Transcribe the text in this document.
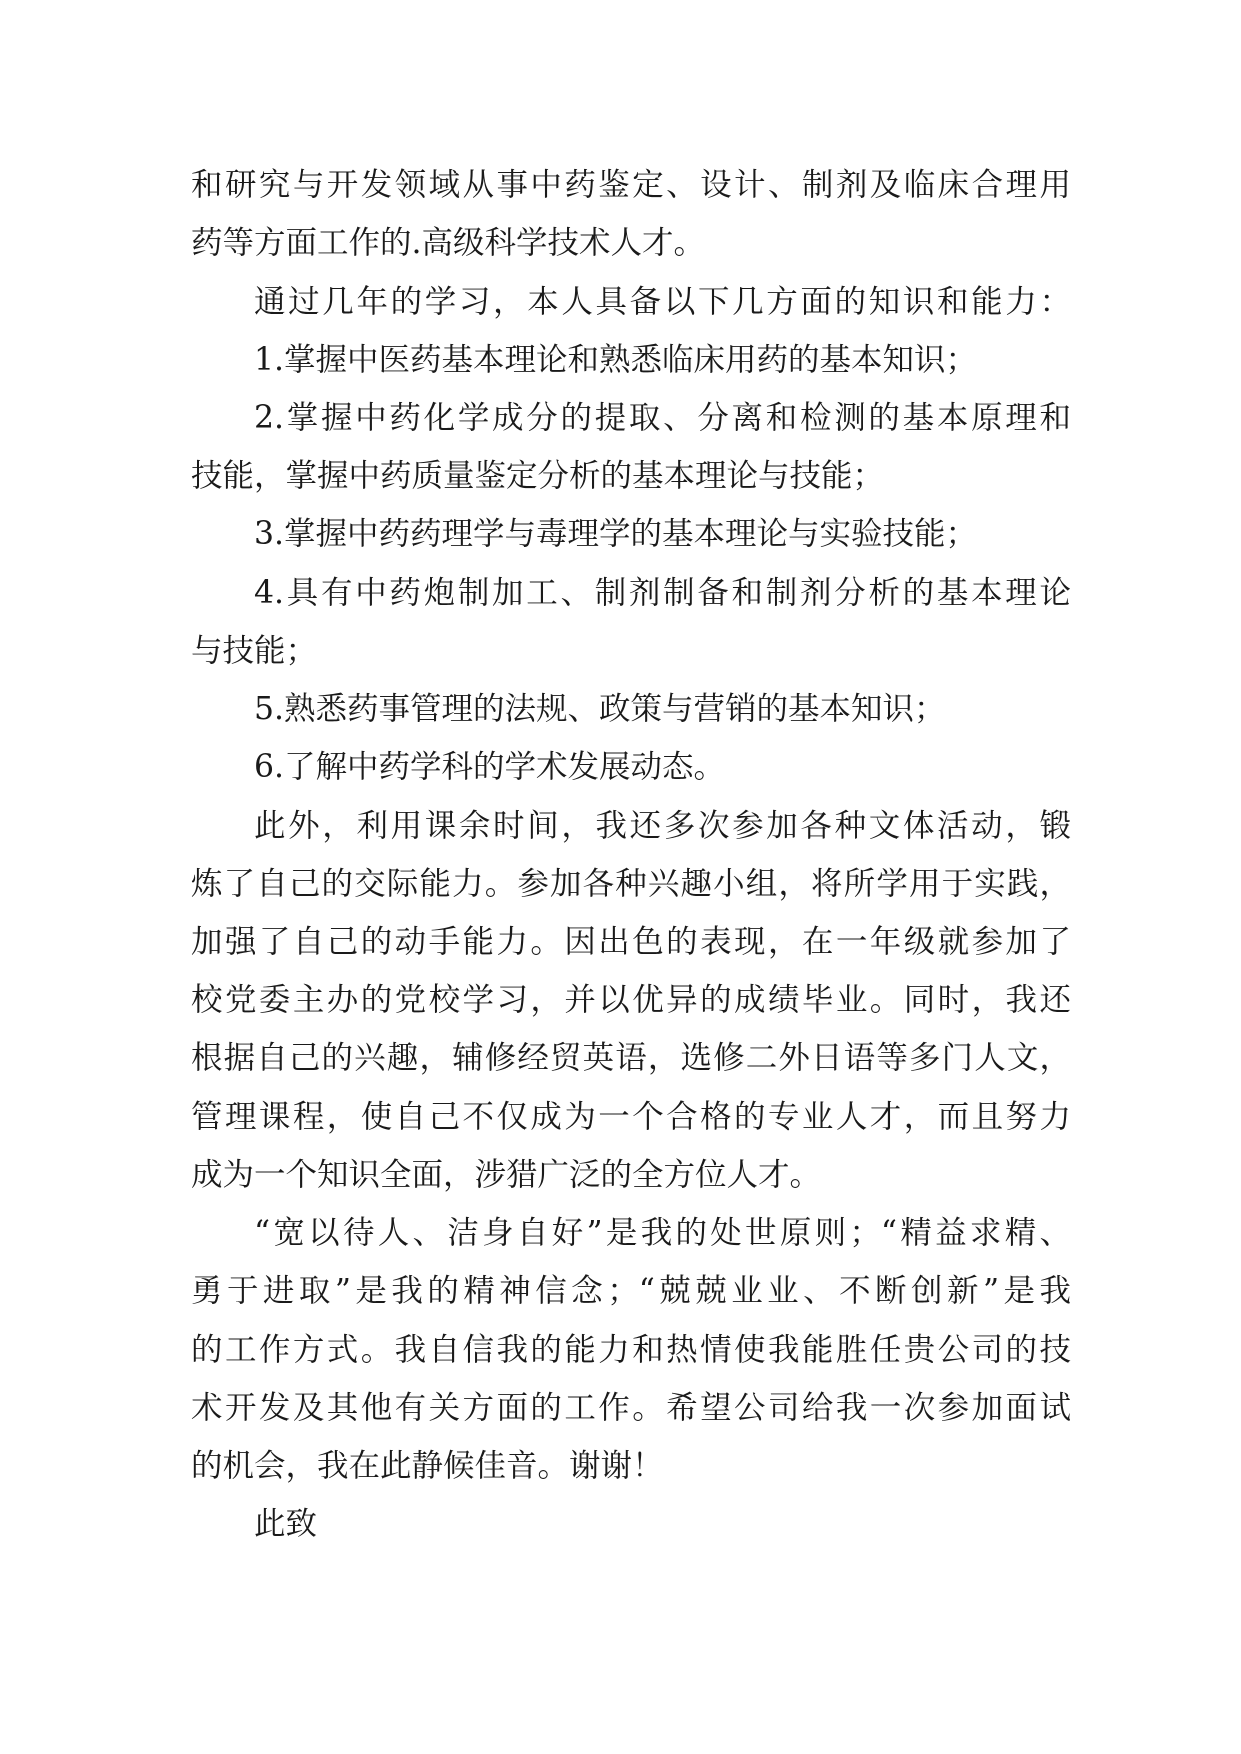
和研究与开发领域从事中药鉴定、设计、制剂及临床合理用
药等方面工作的.高级科学技术人才。
通过几年的学习，本人具备以下几方面的知识和能力：
1.掌握中医药基本理论和熟悉临床用药的基本知识；
2.掌握中药化学成分的提取、分离和检测的基本原理和
技能，掌握中药质量鉴定分析的基本理论与技能；
3.掌握中药药理学与毒理学的基本理论与实验技能；
4.具有中药炮制加工、制剂制备和制剂分析的基本理论
与技能；
5.熟悉药事管理的法规、政策与营销的基本知识；
6.了解中药学科的学术发展动态。
此外，利用课余时间，我还多次参加各种文体活动，锻
炼了自己的交际能力。参加各种兴趣小组，将所学用于实践，
加强了自己的动手能力。因出色的表现，在一年级就参加了
校党委主办的党校学习，并以优异的成绩毕业。同时，我还
根据自己的兴趣，辅修经贸英语，选修二外日语等多门人文，
管理课程，使自己不仅成为一个合格的专业人才，而且努力
成为一个知识全面，涉猎广泛的全方位人才。
“宽以待人、洁身自好”是我的处世原则；“精益求精、
勇于进取”是我的精神信念；“兢兢业业、不断创新”是我
的工作方式。我自信我的能力和热情使我能胜任贵公司的技
术开发及其他有关方面的工作。希望公司给我一次参加面试
的机会，我在此静候佳音。谢谢！
此致
